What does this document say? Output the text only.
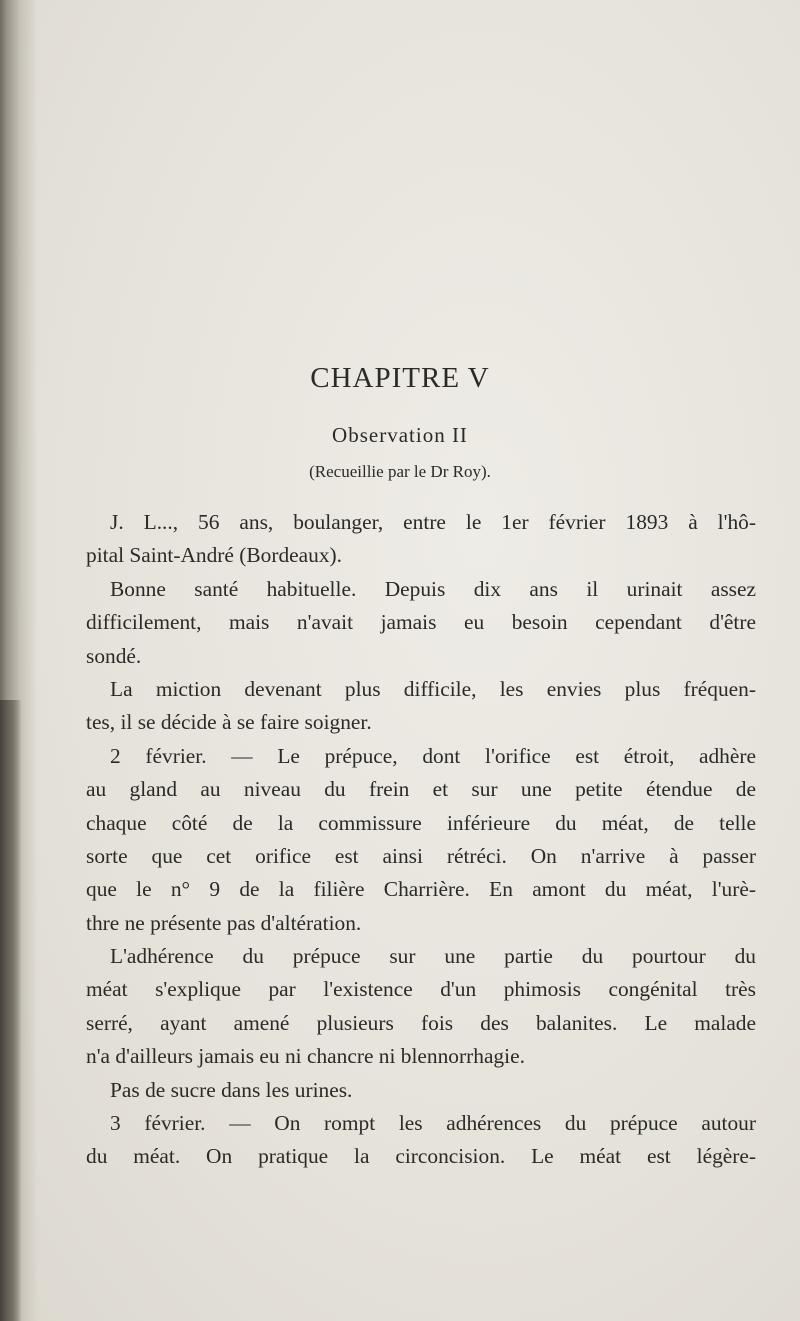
CHAPITRE V
Observation II
(Recueillie par le Dr Roy).
J. L..., 56 ans, boulanger, entre le 1er février 1893 à l'hô-
pital Saint-André (Bordeaux).
Bonne santé habituelle. Depuis dix ans il urinait assez
difficilement, mais n'avait jamais eu besoin cependant d'être
sondé.
La miction devenant plus difficile, les envies plus fréquen-
tes, il se décide à se faire soigner.
2 février. — Le prépuce, dont l'orifice est étroit, adhère
au gland au niveau du frein et sur une petite étendue de
chaque côté de la commissure inférieure du méat, de telle
sorte que cet orifice est ainsi rétréci. On n'arrive à passer
que le n° 9 de la filière Charrière. En amont du méat, l'urè-
thre ne présente pas d'altération.
L'adhérence du prépuce sur une partie du pourtour du
méat s'explique par l'existence d'un phimosis congénital très
serré, ayant amené plusieurs fois des balanites. Le malade
n'a d'ailleurs jamais eu ni chancre ni blennorrhagie.
Pas de sucre dans les urines.
3 février. — On rompt les adhérences du prépuce autour
du méat. On pratique la circoncision. Le méat est légère-
